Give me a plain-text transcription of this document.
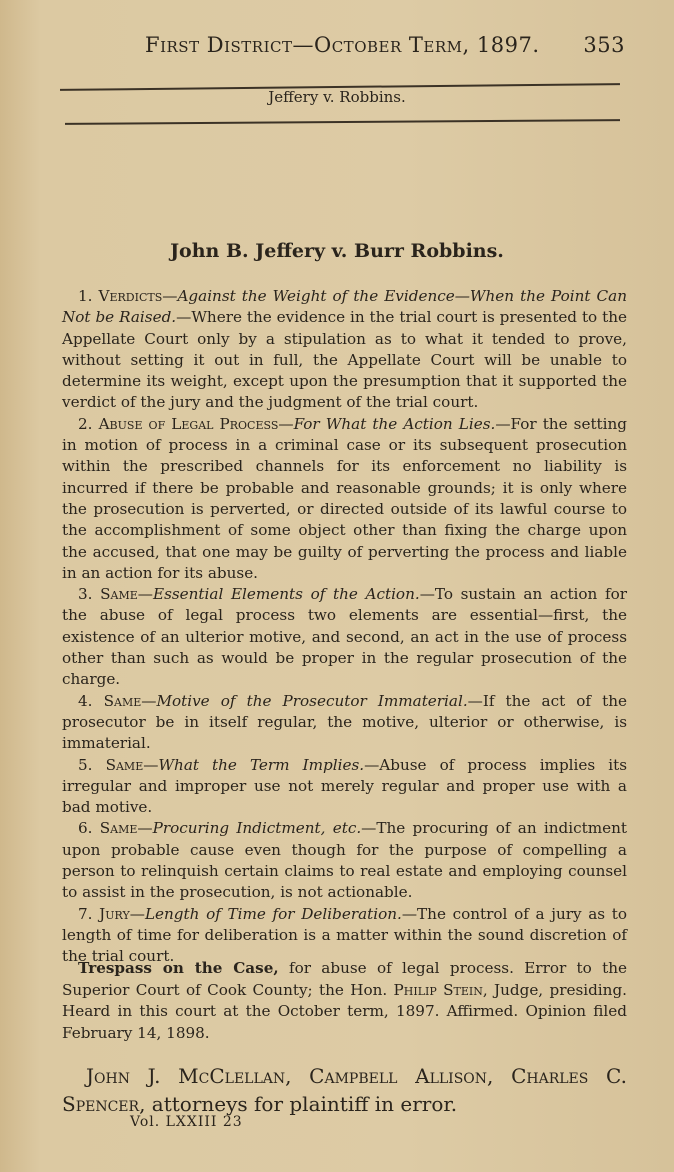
First District—October Term, 1897. 353
Jeffery v. Robbins.
John B. Jeffery v. Burr Robbins.

1. Verdicts—Against the Weight of the Evidence—When the Point Can Not be Raised.—Where the evidence in the trial court is presented to the Appellate Court only by a stipulation as to what it tended to prove, without setting it out in full, the Appellate Court will be unable to determine its weight, except upon the presumption that it supported the verdict of the jury and the judgment of the trial court.

2. Abuse of Legal Process—For What the Action Lies.—For the setting in motion of process in a criminal case or its subsequent prosecution within the prescribed channels for its enforcement no liability is incurred if there be probable and reasonable grounds; it is only where the prosecution is perverted, or directed outside of its lawful course to the accomplishment of some object other than fixing the charge upon the accused, that one may be guilty of perverting the process and liable in an action for its abuse.

3. Same—Essential Elements of the Action.—To sustain an action for the abuse of legal process two elements are essential—first, the existence of an ulterior motive, and second, an act in the use of process other than such as would be proper in the regular prosecution of the charge.

4. Same—Motive of the Prosecutor Immaterial.—If the act of the prosecutor be in itself regular, the motive, ulterior or otherwise, is immaterial.

5. Same—What the Term Implies.—Abuse of process implies its irregular and improper use not merely regular and proper use with a bad motive.

6. Same—Procuring Indictment, etc.—The procuring of an indictment upon probable cause even though for the purpose of compelling a person to relinquish certain claims to real estate and employing counsel to assist in the prosecution, is not actionable.

7. Jury—Length of Time for Deliberation.—The control of a jury as to length of time for deliberation is a matter within the sound discretion of the trial court.

Trespass on the Case, for abuse of legal process. Error to the Superior Court of Cook County; the Hon. Philip Stein, Judge, presiding. Heard in this court at the October term, 1897. Affirmed. Opinion filed February 14, 1898.

John J. McClellan, Campbell Allison, Charles C. Spencer, attorneys for plaintiff in error.

Vol. LXXIII 23
